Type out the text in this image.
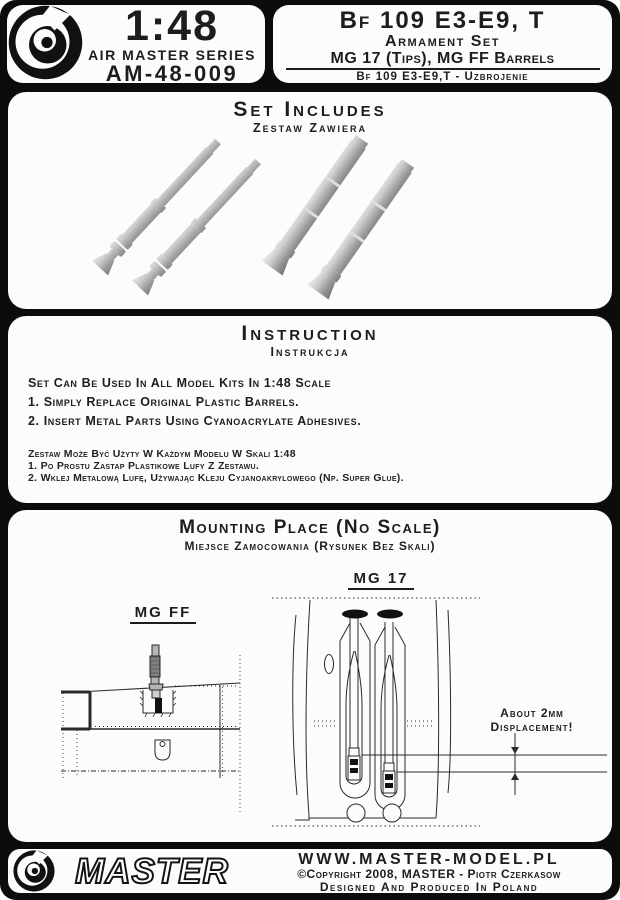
1:48
AIR MASTER SERIES
AM-48-009
Bf 109 E3-E9, T
Armament Set
MG 17 (Tips), MG FF Barrels
Bf 109 E3-E9,T - Uzbrojenie
Set Includes
Zestaw Zawiera
Instruction
Instrukcja
Set Can Be Used In All Model Kits In 1:48 Scale
1. Simply Replace Original Plastic Barrels.
2. Insert Metal Parts Using Cyanoacrylate Adhesives.
Zestaw Może Być Użyty W Każdym Modelu W Skali 1:48
1. Po Prostu Zastap Plastikowe Lufy Z Zestawu.
2. Wklej Metalową Lufę, Używając Kleju Cyjanoakrylowego (Np. Super Glue).
Mounting Place (No Scale)
Miejsce Zamocowania (Rysunek Bez Skali)
MG FF
MG 17
About 2mm
Displacement!
MASTER	WWW.MASTER-MODEL.PL
©Copyright 2008, MASTER - Piotr Czerkasow
Designed And Produced In Poland
